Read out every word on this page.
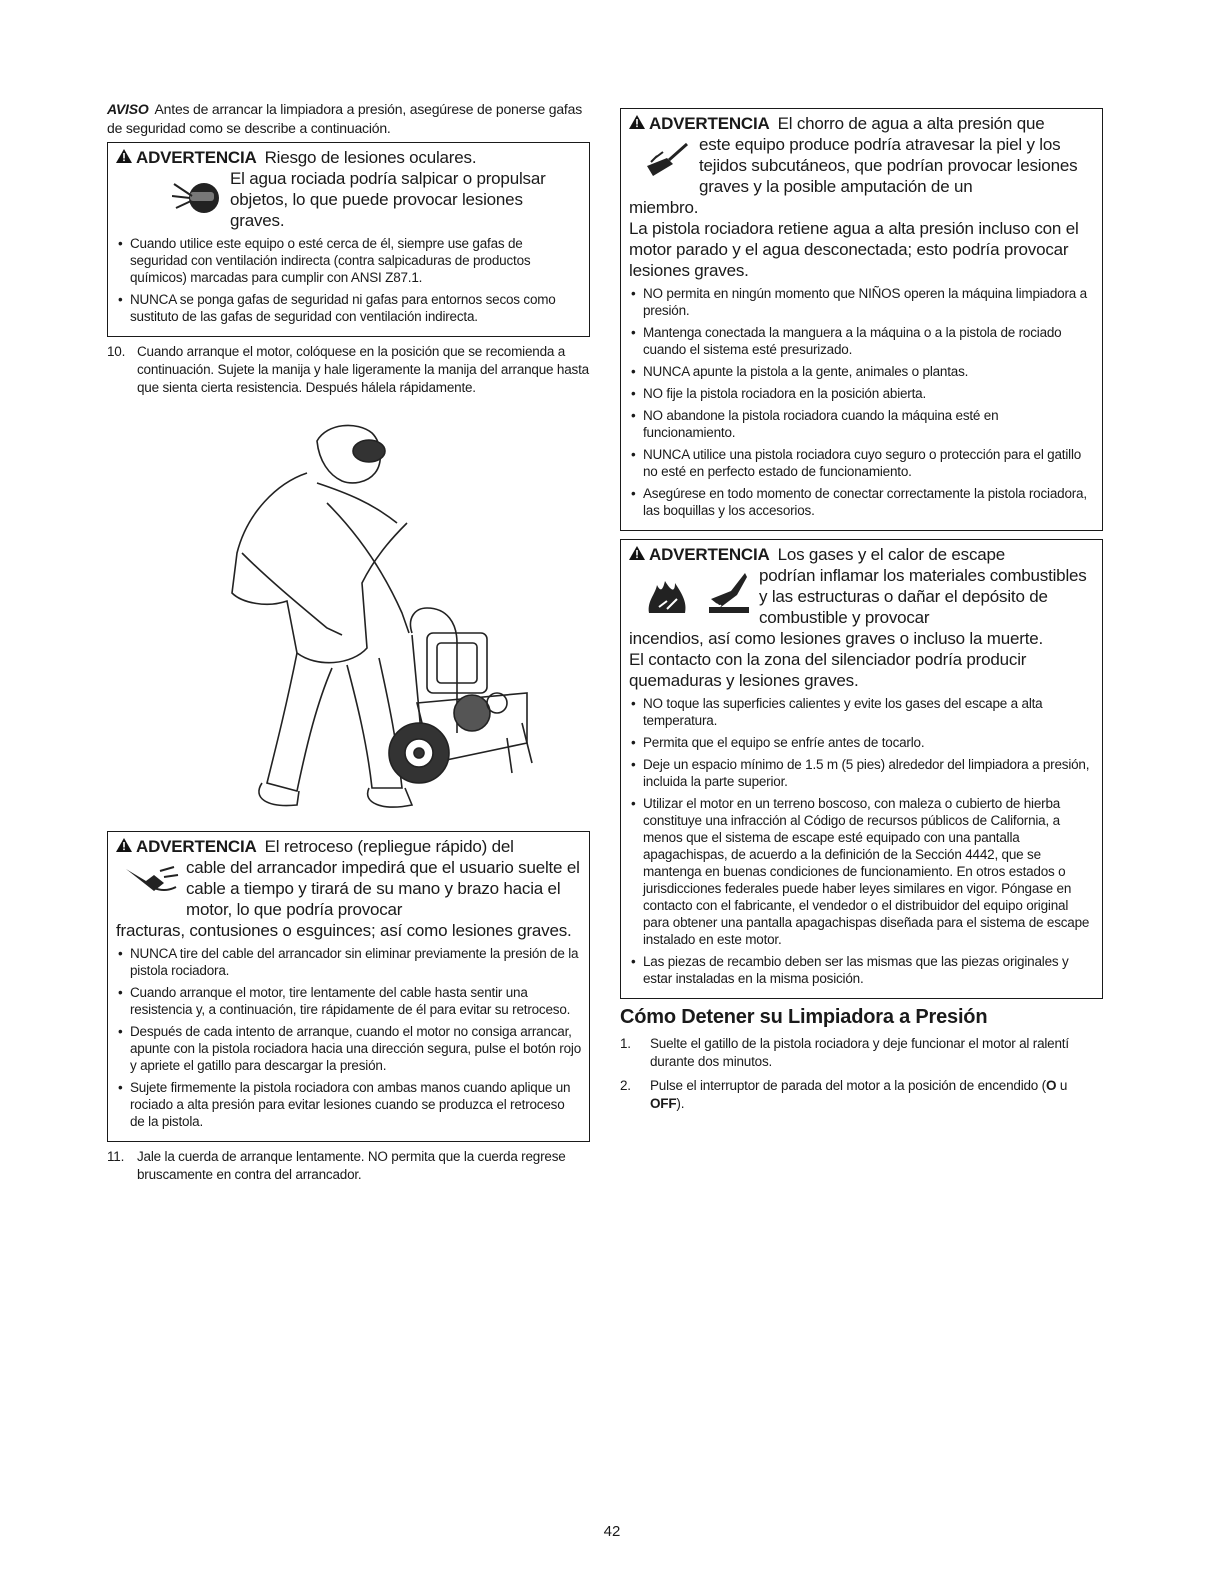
AVISO Antes de arrancar la limpiadora a presión, asegúrese de ponerse gafas de seguridad como se describe a continuación.

ADVERTENCIA Riesgo de lesiones oculares.
El agua rociada podría salpicar o propulsar objetos, lo que puede provocar lesiones graves.
• Cuando utilice este equipo o esté cerca de él, siempre use gafas de seguridad con ventilación indirecta (contra salpicaduras de productos químicos) marcadas para cumplir con ANSI Z87.1.
• NUNCA se ponga gafas de seguridad ni gafas para entornos secos como sustituto de las gafas de seguridad con ventilación indirecta.
10. Cuando arranque el motor, colóquese en la posición que se recomienda a continuación. Sujete la manija y hale ligeramente la manija del arranque hasta que sienta cierta resistencia. Después hálela rápidamente.
ADVERTENCIA El retroceso (repliegue rápido) del
cable del arrancador impedirá que el usuario suelte el cable a tiempo y tirará de su mano y brazo hacia el motor, lo que podría provocar
fracturas, contusiones o esguinces; así como lesiones graves.
• NUNCA tire del cable del arrancador sin eliminar previamente la presión de la pistola rociadora.
• Cuando arranque el motor, tire lentamente del cable hasta sentir una resistencia y, a continuación, tire rápidamente de él para evitar su retroceso.
• Después de cada intento de arranque, cuando el motor no consiga arrancar, apunte con la pistola rociadora hacia una dirección segura, pulse el botón rojo y apriete el gatillo para descargar la presión.
• Sujete firmemente la pistola rociadora con ambas manos cuando aplique un rociado a alta presión para evitar lesiones cuando se produzca el retroceso de la pistola.
11. Jale la cuerda de arranque lentamente. NO permita que la cuerda regrese bruscamente en contra del arrancador.
ADVERTENCIA El chorro de agua a alta presión que
este equipo produce podría atravesar la piel y los tejidos subcutáneos, que podrían provocar lesiones graves y la posible amputación de un
miembro.
La pistola rociadora retiene agua a alta presión incluso con el motor parado y el agua desconectada; esto podría provocar lesiones graves.
• NO permita en ningún momento que NIÑOS operen la máquina limpiadora a presión.
• Mantenga conectada la manguera a la máquina o a la pistola de rociado cuando el sistema esté presurizado.
• NUNCA apunte la pistola a la gente, animales o plantas.
• NO fije la pistola rociadora en la posición abierta.
• NO abandone la pistola rociadora cuando la máquina esté en funcionamiento.
• NUNCA utilice una pistola rociadora cuyo seguro o protección para el gatillo no esté en perfecto estado de funcionamiento.
• Asegúrese en todo momento de conectar correctamente la pistola rociadora, las boquillas y los accesorios.
ADVERTENCIA Los gases y el calor de escape
podrían inflamar los materiales combustibles y las estructuras o dañar el depósito de combustible y provocar
incendios, así como lesiones graves o incluso la muerte.
El contacto con la zona del silenciador podría producir quemaduras y lesiones graves.
• NO toque las superficies calientes y evite los gases del escape a alta temperatura.
• Permita que el equipo se enfríe antes de tocarlo.
• Deje un espacio mínimo de 1.5 m (5 pies) alrededor del limpiadora a presión, incluida la parte superior.
• Utilizar el motor en un terreno boscoso, con maleza o cubierto de hierba constituye una infracción al Código de recursos públicos de California, a menos que el sistema de escape esté equipado con una pantalla apagachispas, de acuerdo a la definición de la Sección 4442, que se mantenga en buenas condiciones de funcionamiento. En otros estados o jurisdicciones federales puede haber leyes similares en vigor. Póngase en contacto con el fabricante, el vendedor o el distribuidor del equipo original para obtener una pantalla apagachispas diseñada para el sistema de escape instalado en este motor.
• Las piezas de recambio deben ser las mismas que las piezas originales y estar instaladas en la misma posición.
Cómo Detener su Limpiadora a Presión
1.	Suelte el gatillo de la pistola rociadora y deje funcionar el motor al ralentí durante dos minutos.
2.	Pulse el interruptor de parada del motor a la posición de encendido (O u OFF).
42
